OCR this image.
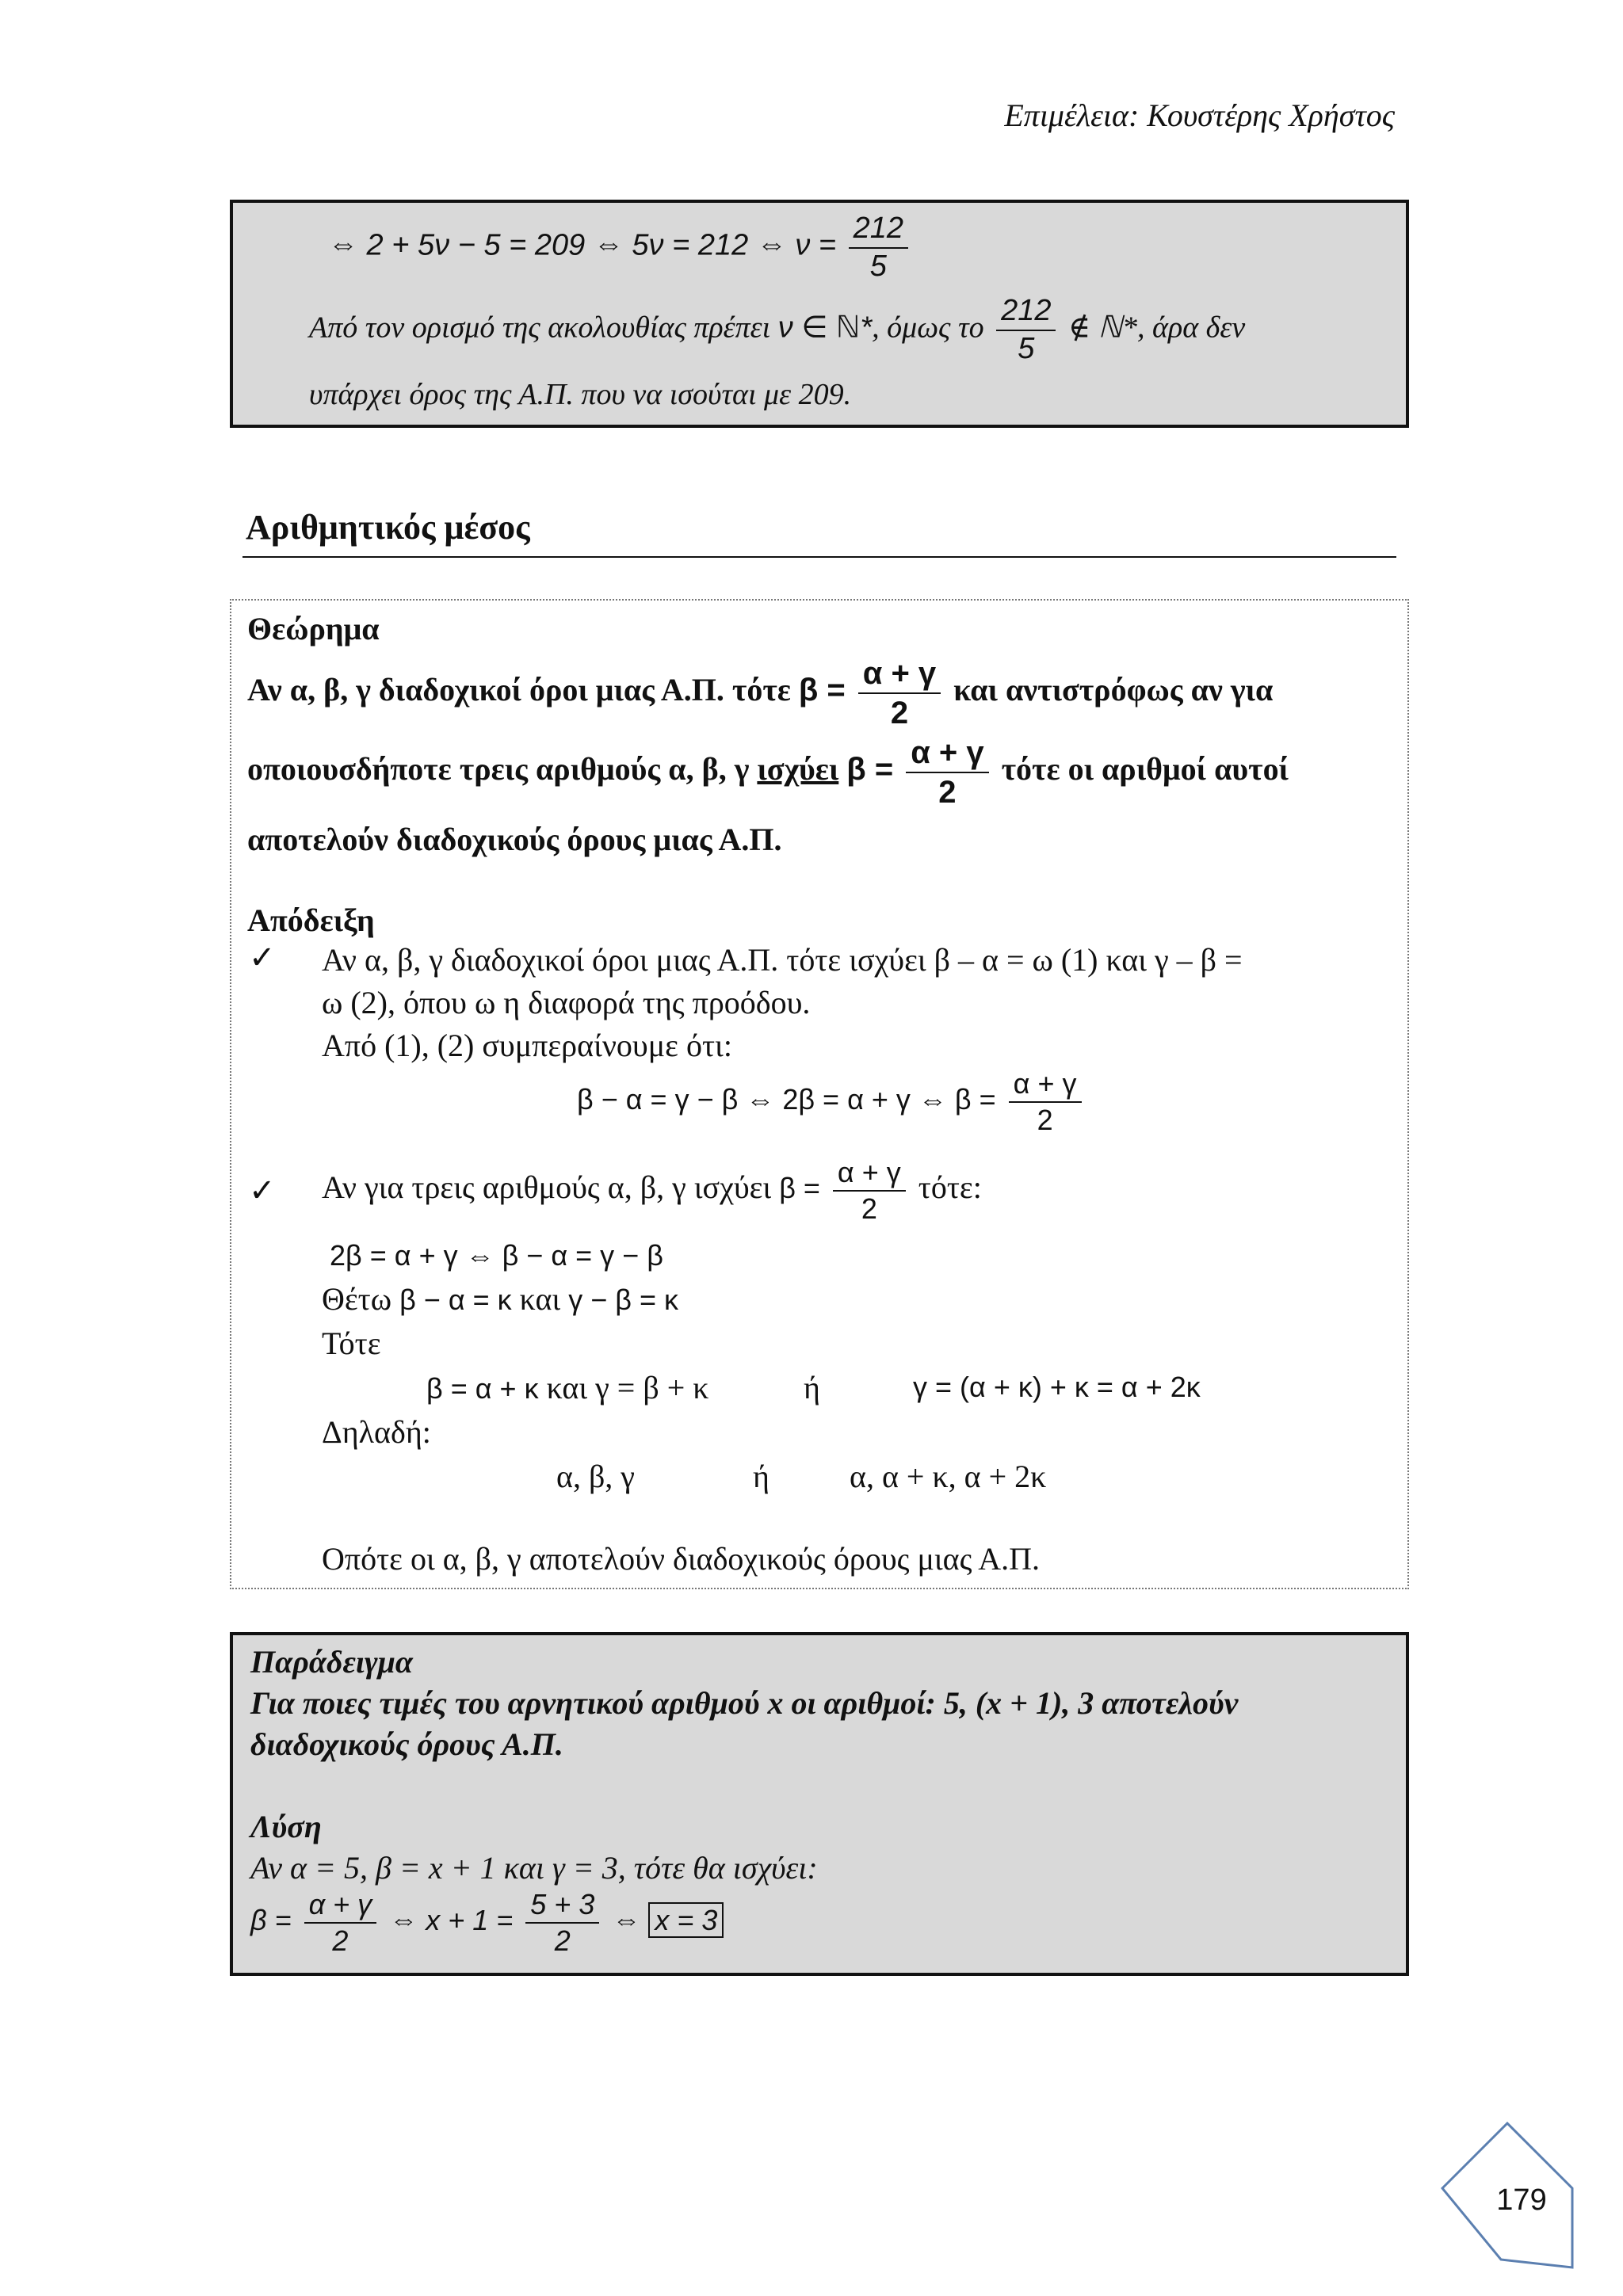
Επιμέλεια: Κουστέρης Χρήστος
⇔ 2 + 5ν − 5 = 209 ⇔ 5ν = 212 ⇔ $\nu = \frac{212}{5}$
Από τον ορισμό της ακολουθίας πρέπει ν ∈ ℕ*, όμως το $\frac{212}{5}$ ∉ ℕ*, άρα δεν
υπάρχει όρος της Α.Π. που να ισούται με 209.
Αριθμητικός μέσος
Θεώρημα
Αν α, β, γ διαδοχικοί όροι μιας Α.Π. τότε $\beta = \frac{\alpha + \gamma}{2}$ και αντιστρόφως αν για
οποιουσδήποτε τρεις αριθμούς α, β, γ ισχύει $\beta = \frac{\alpha + \gamma}{2}$ τότε οι αριθμοί αυτοί
αποτελούν διαδοχικούς όρους μιας Α.Π.
Απόδειξη
✓ Αν α, β, γ διαδοχικοί όροι μιας Α.Π. τότε ισχύει β – α = ω (1) και γ – β =
ω (2), όπου ω η διαφορά της προόδου.
Από (1), (2) συμπεραίνουμε ότι:
β − α = γ − β ⇔ 2β = α + γ ⇔ $\beta = \frac{\alpha + \gamma}{2}$
✓ Αν για τρεις αριθμούς α, β, γ ισχύει $\beta = \frac{\alpha + \gamma}{2} \tau ό\tau\varepsilon$:
2β = α + γ ⇔ β − α = γ − β
Θέτω β − α = κ και γ − β = κ
Τότε
β = α + κ και γ = β + κ	ή	γ = (α + κ) + κ = α + 2κ
Δηλαδή:
α, β, γ	ή	α, α + κ, α + 2κ
Οπότε οι α, β, γ αποτελούν διαδοχικούς όρους μιας Α.Π.
Παράδειγμα
Για ποιες τιμές του αρνητικού αριθμού x οι αριθμοί: 5, (x + 1), 3 αποτελούν
διαδοχικούς όρους Α.Π.
Λύση
Αν α = 5, β = x + 1 και γ = 3, τότε θα ισχύει:
$\beta = \frac{\alpha + \gamma}{2}$ ⇔ $x + 1 = \frac{5 + 3}{2}$ ⇔ x = 3
179
